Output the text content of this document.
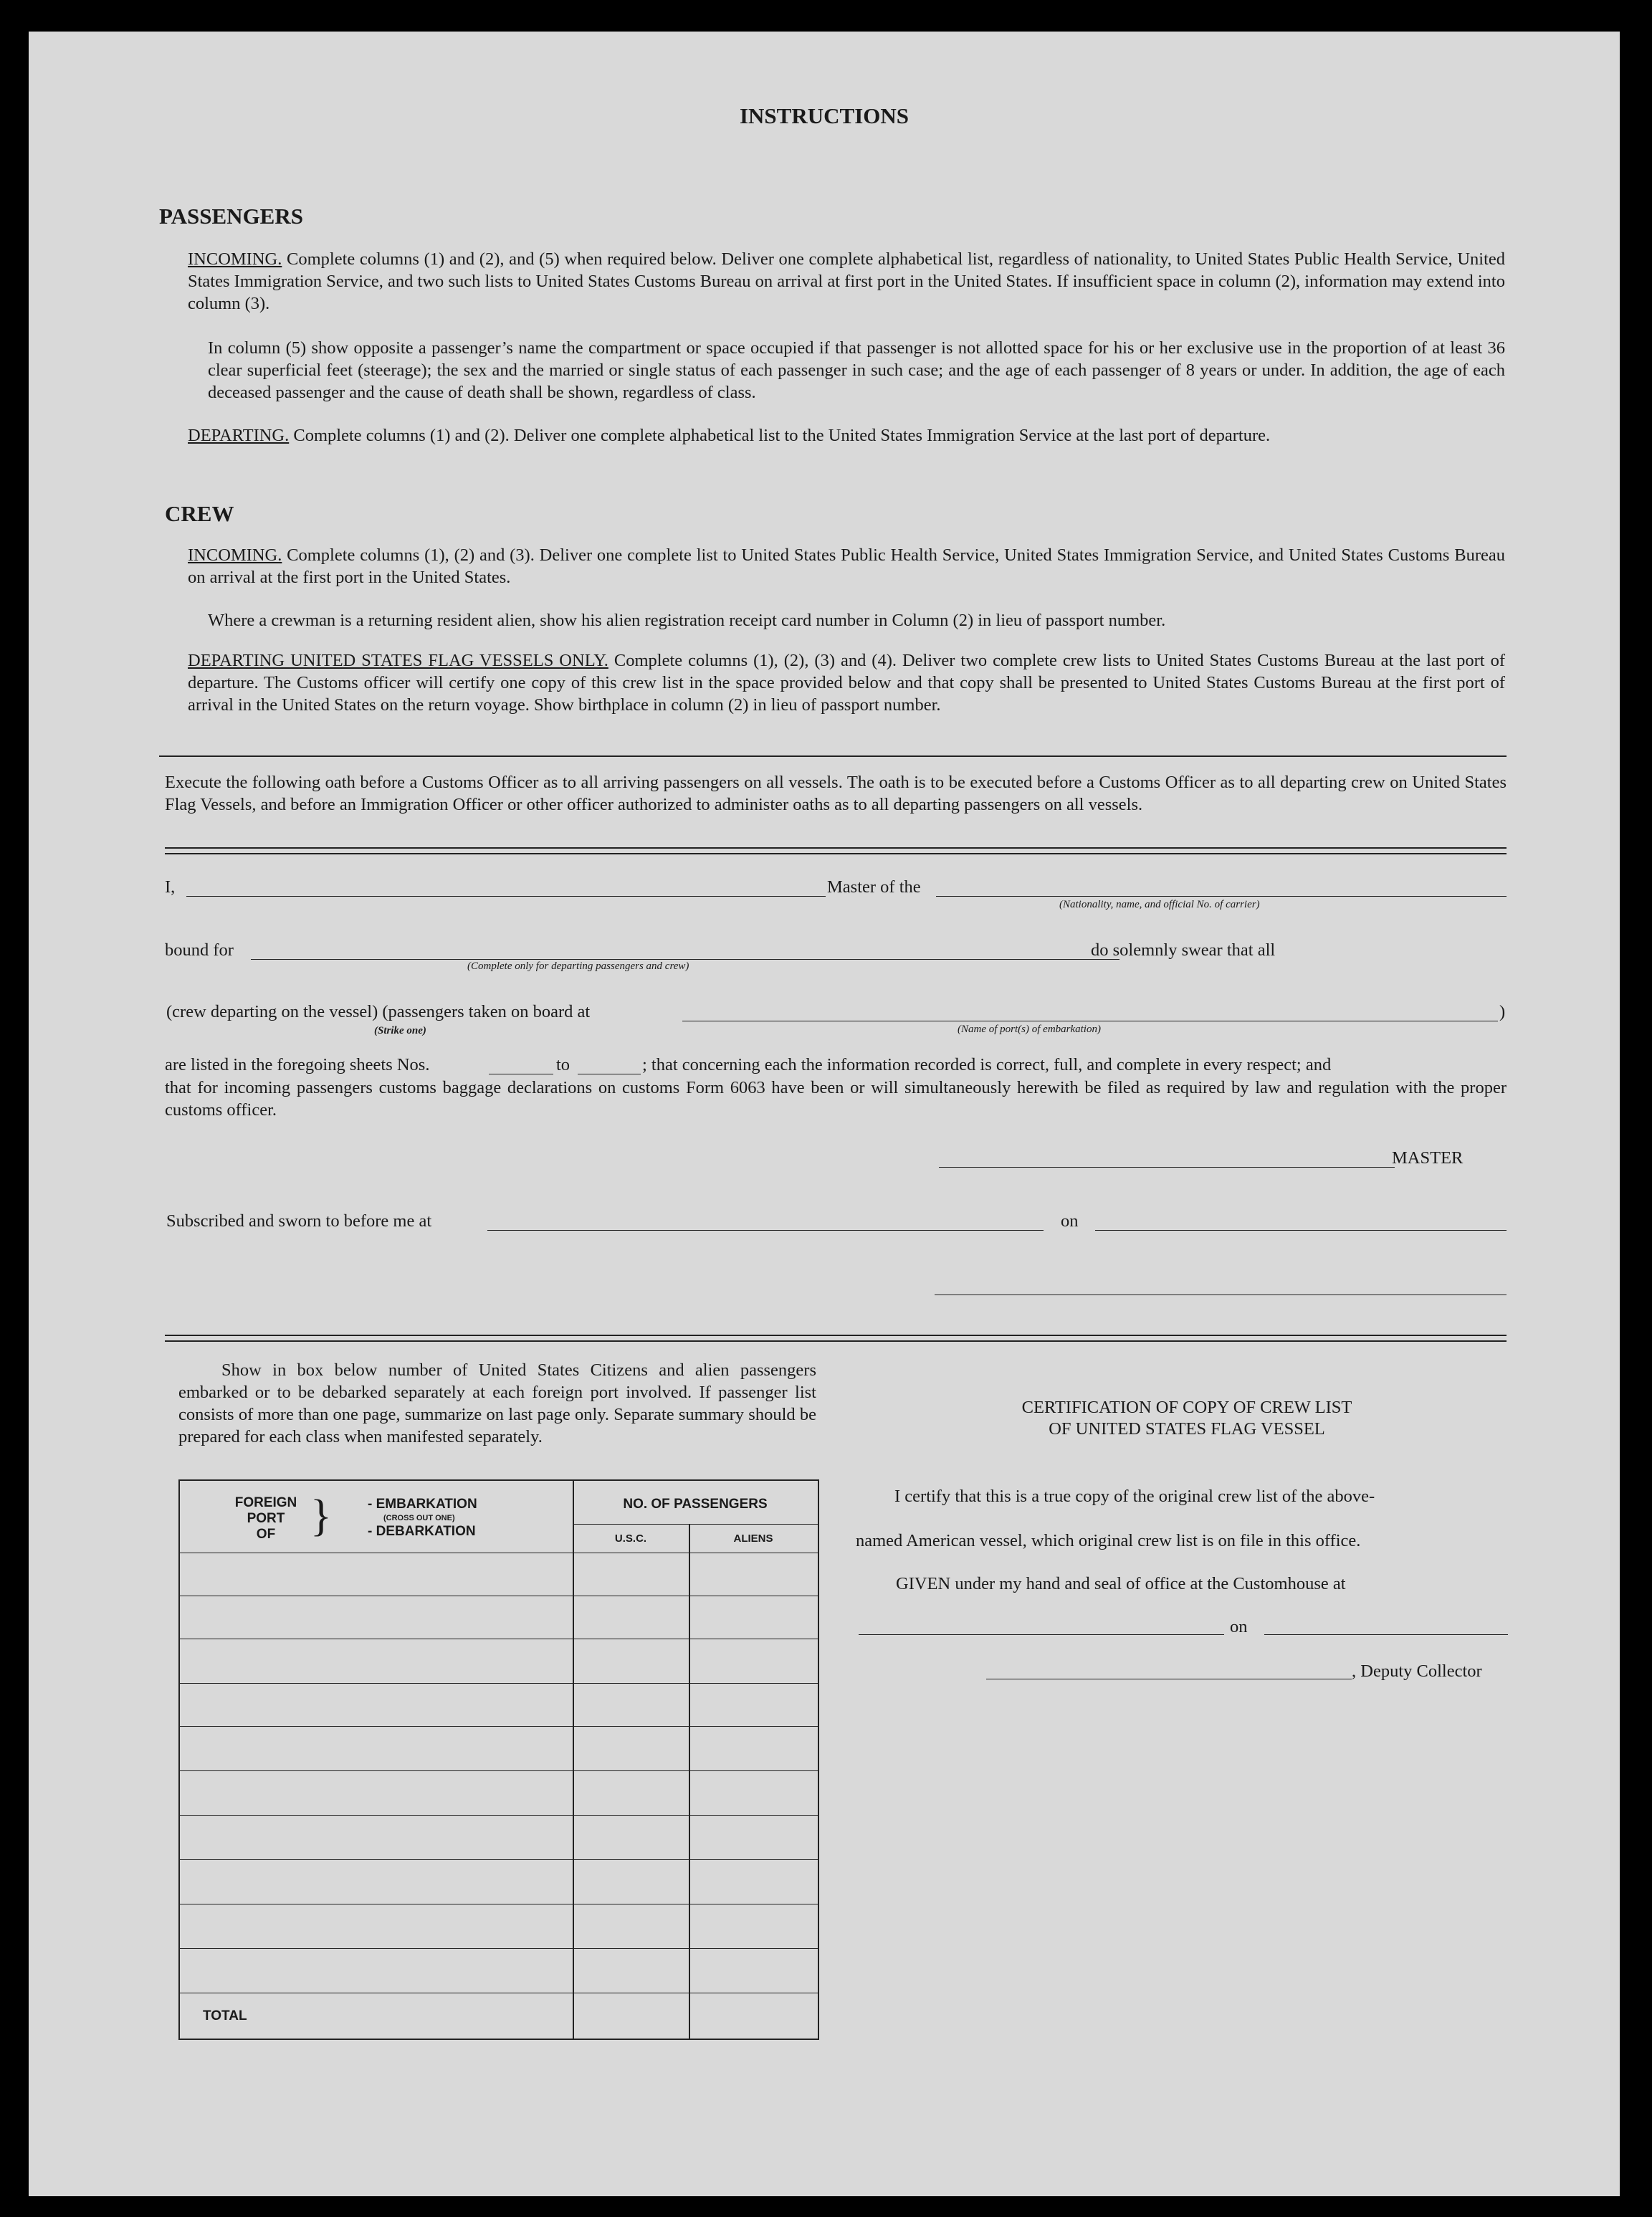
INSTRUCTIONS
PASSENGERS
INCOMING. Complete columns (1) and (2), and (5) when required below. Deliver one complete alphabetical list, regardless of nationality, to United States Public Health Service, United States Immigration Service, and two such lists to United States Customs Bureau on arrival at first port in the United States. If insufficient space in column (2), information may extend into column (3).
In column (5) show opposite a passenger’s name the compartment or space occupied if that passenger is not allotted space for his or her exclusive use in the proportion of at least 36 clear superficial feet (steerage); the sex and the married or single status of each passenger in such case; and the age of each passenger of 8 years or under. In addition, the age of each deceased passenger and the cause of death shall be shown, regardless of class.
DEPARTING. Complete columns (1) and (2). Deliver one complete alphabetical list to the United States Immigration Service at the last port of departure.
CREW
INCOMING. Complete columns (1), (2) and (3). Deliver one complete list to United States Public Health Service, United States Immigration Service, and United States Customs Bureau on arrival at the first port in the United States.
Where a crewman is a returning resident alien, show his alien registration receipt card number in Column (2) in lieu of passport number.
DEPARTING UNITED STATES FLAG VESSELS ONLY. Complete columns (1), (2), (3) and (4). Deliver two complete crew lists to United States Customs Bureau at the last port of departure. The Customs officer will certify one copy of this crew list in the space provided below and that copy shall be presented to United States Customs Bureau at the first port of arrival in the United States on the return voyage. Show birthplace in column (2) in lieu of passport number.
Execute the following oath before a Customs Officer as to all arriving passengers on all vessels. The oath is to be executed before a Customs Officer as to all departing crew on United States Flag Vessels, and before an Immigration Officer or other officer authorized to administer oaths as to all departing passengers on all vessels.
I,	Master of the
(Nationality, name, and official No. of carrier)
bound for
(Complete only for departing passengers and crew)
do solemnly swear that all
(crew departing on the vessel) (passengers taken on board at
(Strike one)	(Name of port(s) of embarkation)
)
are listed in the foregoing sheets Nos.	to	; that concerning each the information recorded is correct, full, and complete in every respect; and
that for incoming passengers customs baggage declarations on customs Form 6063 have been or will simultaneously herewith be filed as required by law and regulation with the proper customs officer.
MASTER
Subscribed and sworn to before me at	on
Show in box below number of United States Citizens and alien passengers embarked or to be debarked separately at each foreign port involved. If passenger list consists of more than one page, summarize on last page only. Separate summary should be prepared for each class when manifested separately.
FOREIGN
PORT
OF }	- EMBARKATION
(CROSS OUT ONE)
- DEBARKATION
NO. OF PASSENGERS
U.S.C.	ALIENS
TOTAL
CERTIFICATION OF COPY OF CREW LIST
OF UNITED STATES FLAG VESSEL
I certify that this is a true copy of the original crew list of the above-
named American vessel, which original crew list is on file in this office.
GIVEN under my hand and seal of office at the Customhouse at
on
, Deputy Collector
